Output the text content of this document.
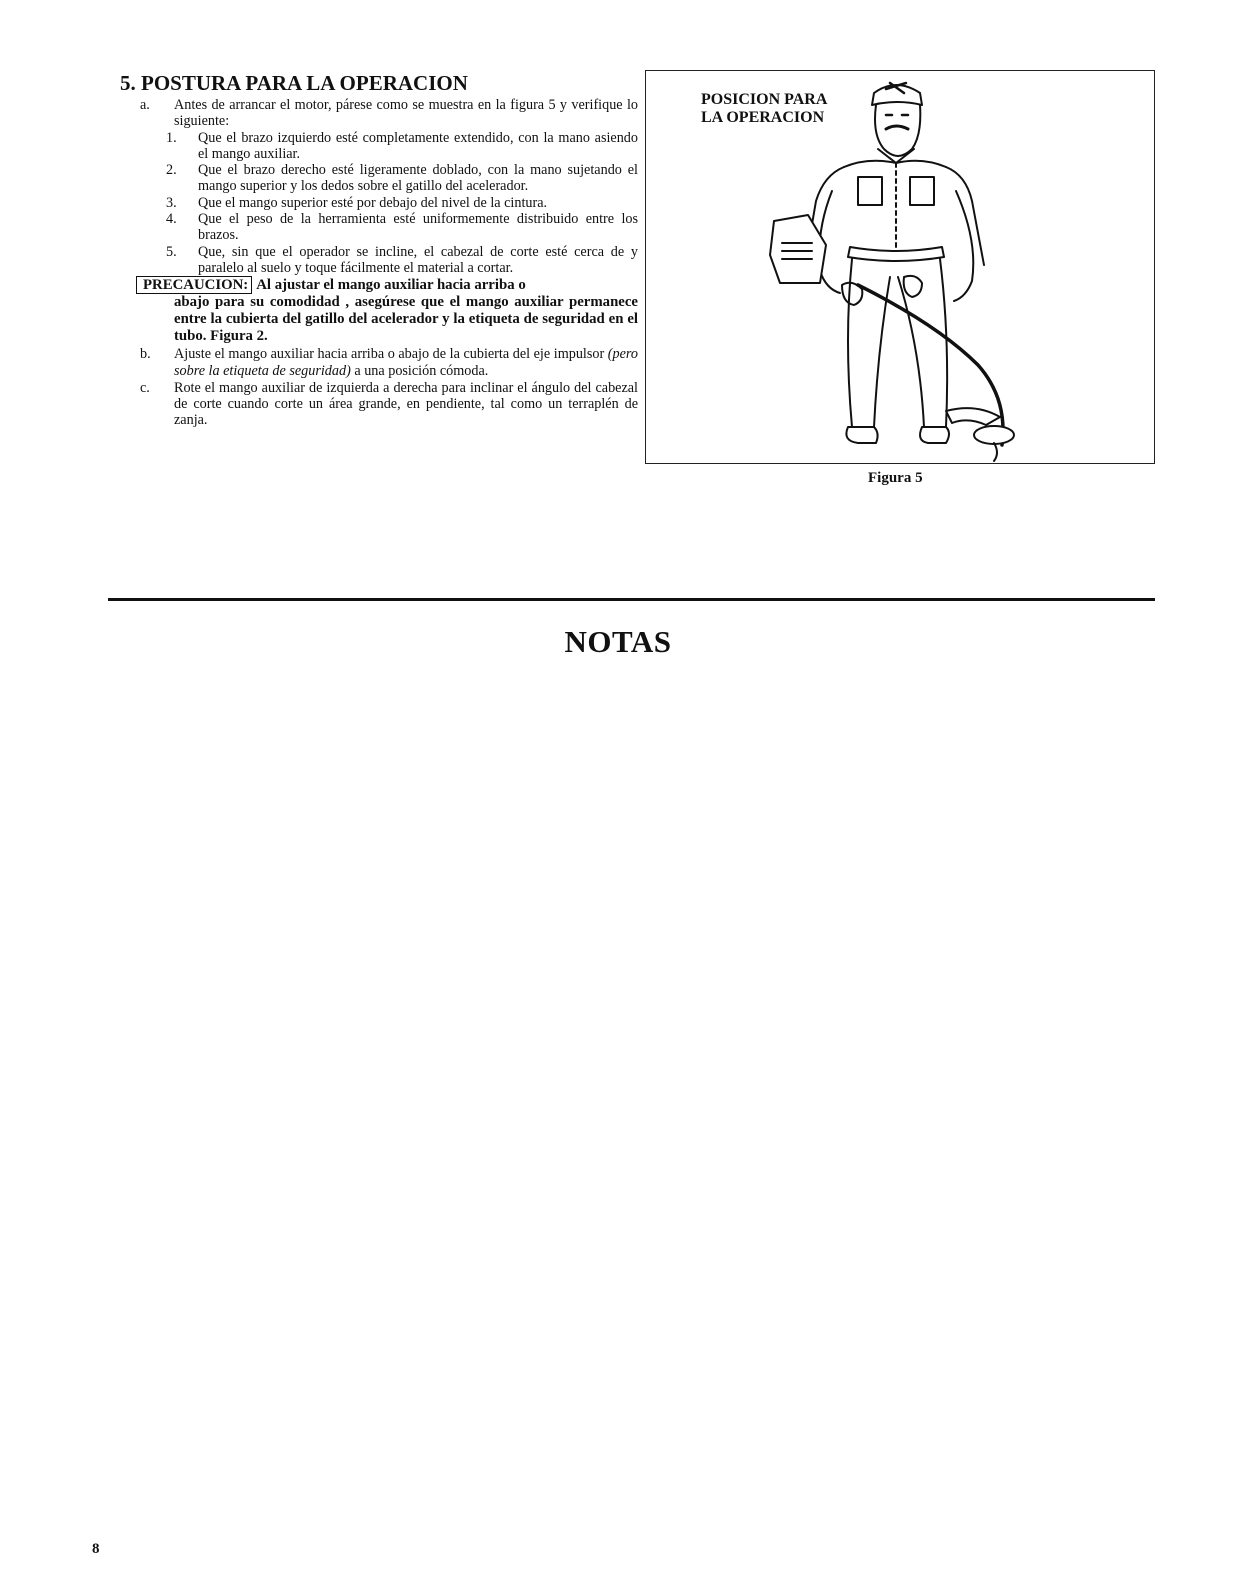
5. POSTURA PARA LA OPERACION
a. Antes de arrancar el motor, párese como se muestra en la figura 5 y verifique lo siguiente:
1. Que el brazo izquierdo esté completamente extendido, con la mano asiendo el mango auxiliar.
2. Que el brazo derecho esté ligeramente doblado, con la mano sujetando el mango superior y los dedos sobre el gatillo del acelerador.
3. Que el mango superior esté por debajo del nivel de la cintura.
4. Que el peso de la herramienta esté uniformemente distribuido entre los brazos.
5. Que, sin que el operador se incline, el cabezal de corte esté cerca de y paralelo al suelo y toque fácilmente el material a cortar.
PRECAUCION: Al ajustar el mango auxiliar hacia arriba o
abajo para su comodidad , asegúrese que el mango auxiliar permanece entre la cubierta del gatillo del acelerador y la etiqueta de seguridad en el tubo. Figura 2.
b. Ajuste el mango auxiliar hacia arriba o abajo de la cubierta del eje impulsor (pero sobre la etiqueta de seguridad) a una posición cómoda.
c. Rote el mango auxiliar de izquierda a derecha para inclinar el ángulo del cabezal de corte cuando corte un área grande, en pendiente, tal como un terraplén de zanja.
POSICION PARA
LA OPERACION
Figura 5
NOTAS
8
